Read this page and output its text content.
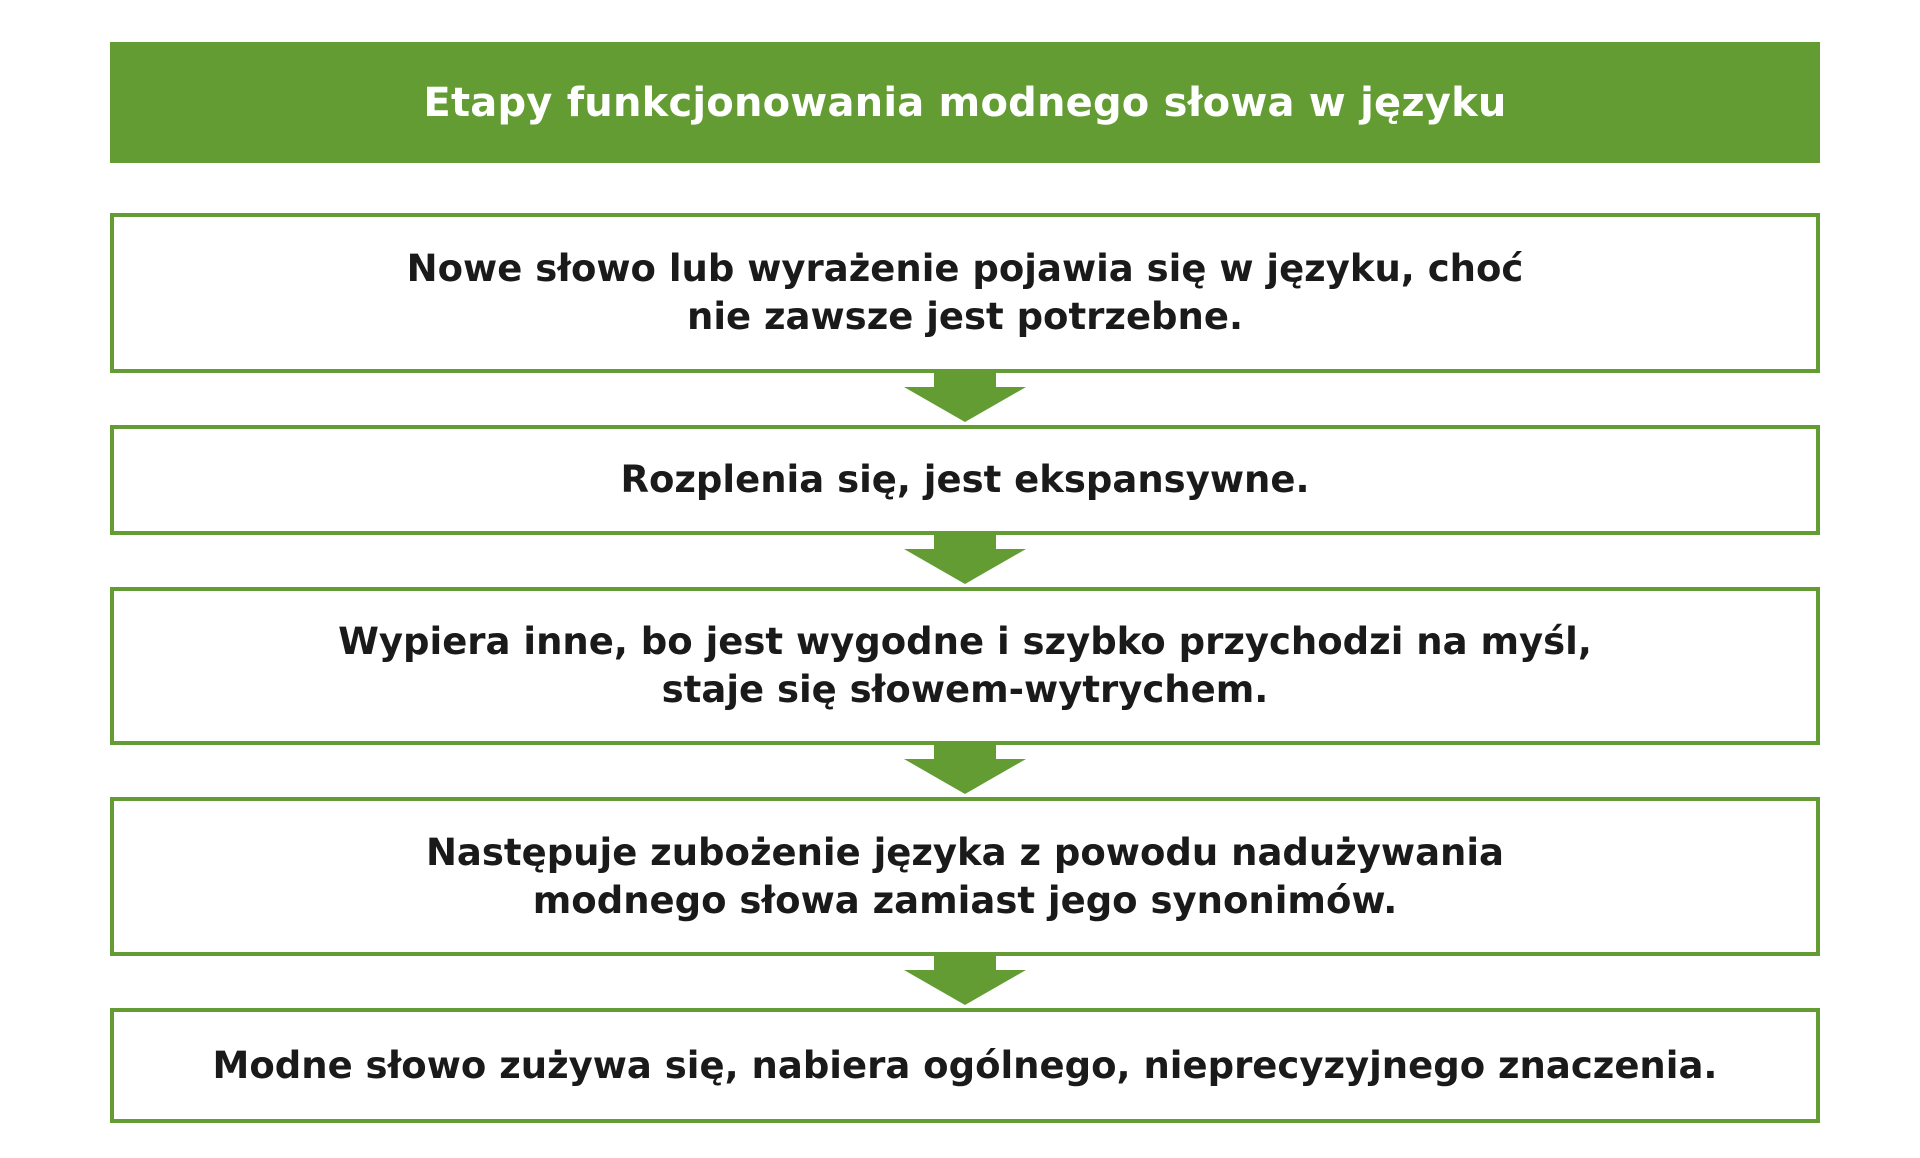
Etapy funkcjonowania modnego słowa w języku
Nowe słowo lub wyrażenie pojawia się w języku, choć
nie zawsze jest potrzebne.
Rozplenia się, jest ekspansywne.
Wypiera inne, bo jest wygodne i szybko przychodzi na myśl,
staje się słowem-wytrychem.
Następuje zubożenie języka z powodu nadużywania
modnego słowa zamiast jego synonimów.
Modne słowo zużywa się, nabiera ogólnego, nieprecyzyjnego znaczenia.
